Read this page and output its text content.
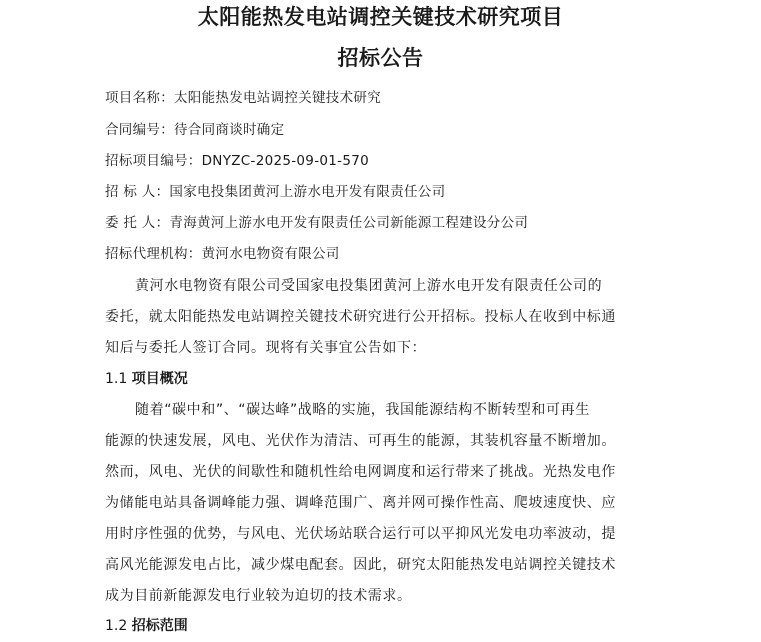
太阳能热发电站调控关键技术研究项目
招标公告
项目名称：太阳能热发电站调控关键技术研究
合同编号：待合同商谈时确定
招标项目编号：DNYZC-2025-09-01-570
招 标 人：国家电投集团黄河上游水电开发有限责任公司
委 托 人：青海黄河上游水电开发有限责任公司新能源工程建设分公司
招标代理机构：黄河水电物资有限公司
黄河水电物资有限公司受国家电投集团黄河上游水电开发有限责任公司的
委托，就太阳能热发电站调控关键技术研究进行公开招标。投标人在收到中标通
知后与委托人签订合同。现将有关事宜公告如下：
1.1 项目概况
随着“碳中和”、“碳达峰”战略的实施，我国能源结构不断转型和可再生
能源的快速发展，风电、光伏作为清洁、可再生的能源，其装机容量不断增加。
然而，风电、光伏的间歇性和随机性给电网调度和运行带来了挑战。光热发电作
为储能电站具备调峰能力强、调峰范围广、离并网可操作性高、爬坡速度快、应
用时序性强的优势，与风电、光伏场站联合运行可以平抑风光发电功率波动，提
高风光能源发电占比，减少煤电配套。因此，研究太阳能热发电站调控关键技术
成为目前新能源发电行业较为迫切的技术需求。
1.2 招标范围
